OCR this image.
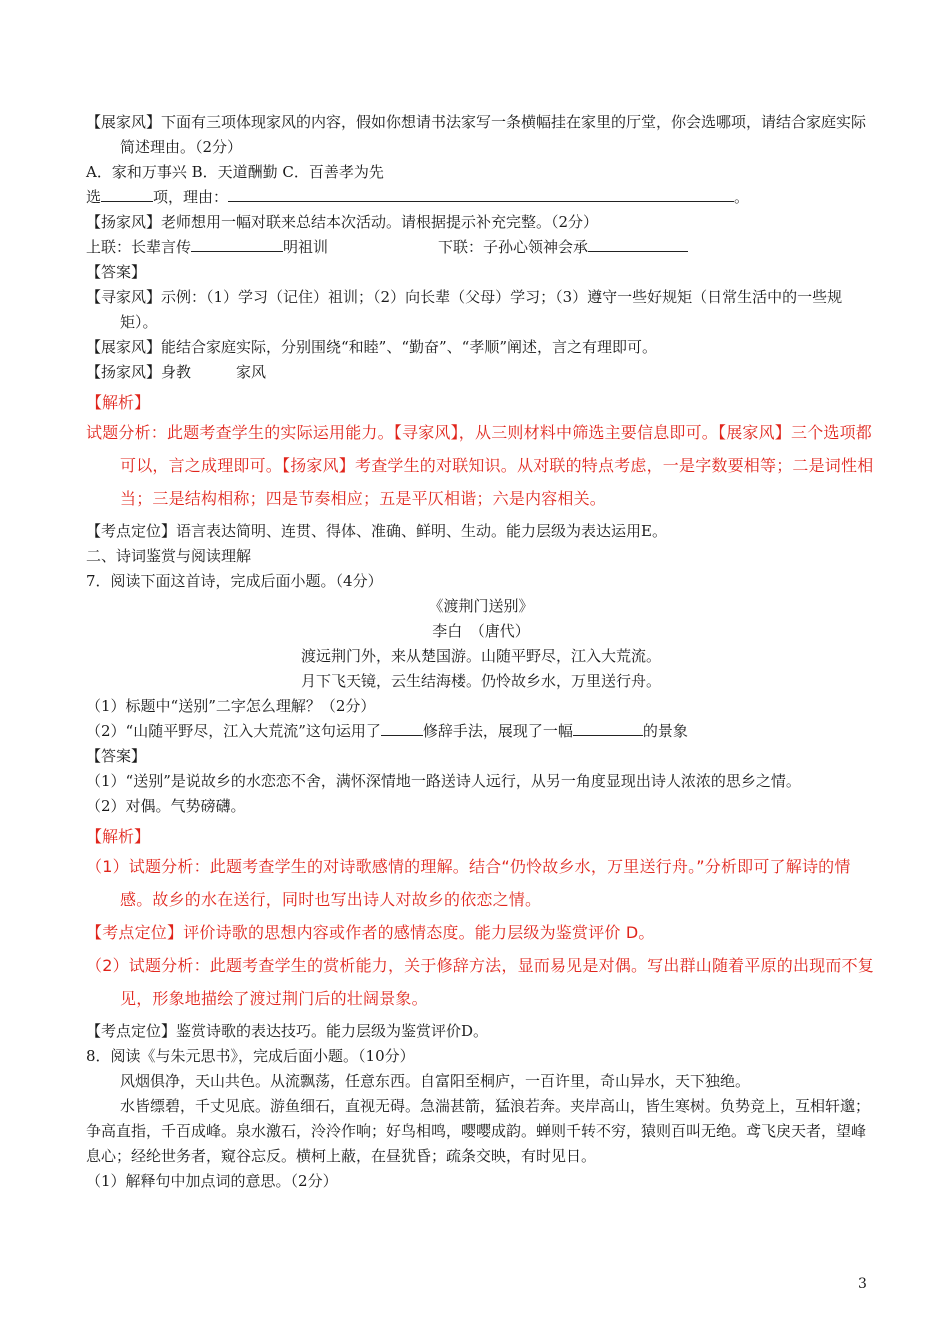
【展家风】下面有三项体现家风的内容，假如你想请书法家写一条横幅挂在家里的厅堂，你会选哪项，请结合家庭实际简述理由。（2分）
A．家和万事兴 B．天道酬勤 C．百善孝为先
选	项，理由：	。
【扬家风】老师想用一幅对联来总结本次活动。请根据提示补充完整。（2分）
上联：长辈言传	明祖训	下联：子孙心领神会承
【答案】
【寻家风】示例：（1）学习（记住）祖训；（2）向长辈（父母）学习；（3）遵守一些好规矩（日常生活中的一些规矩）。
【展家风】能结合家庭实际，分别围绕“和睦”、“勤奋”、“孝顺”阐述，言之有理即可。
【扬家风】身教　　　家风
【解析】
试题分析：此题考查学生的实际运用能力。【寻家风】，从三则材料中筛选主要信息即可。【展家风】三个选项都可以，言之成理即可。【扬家风】考查学生的对联知识。从对联的特点考虑，一是字数要相等；二是词性相当；三是结构相称；四是节奏相应；五是平仄相谐；六是内容相关。
【考点定位】语言表达简明、连贯、得体、准确、鲜明、生动。能力层级为表达运用E。
二、诗词鉴赏与阅读理解
7．阅读下面这首诗，完成后面小题。（4分）
《渡荆门送别》
李白　（唐代）
渡远荆门外，来从楚国游。山随平野尽，江入大荒流。
月下飞天镜，云生结海楼。仍怜故乡水，万里送行舟。
（1）标题中“送别”二字怎么理解？（2分）
（2）“山随平野尽，江入大荒流”这句运用了	修辞手法，展现了一幅	的景象
【答案】
（1）“送别”是说故乡的水恋恋不舍，满怀深情地一路送诗人远行，从另一角度显现出诗人浓浓的思乡之情。
（2）对偶。气势磅礴。
【解析】
（1）试题分析：此题考查学生的对诗歌感情的理解。结合“仍怜故乡水，万里送行舟。”分析即可了解诗的情感。故乡的水在送行，同时也写出诗人对故乡的依恋之情。
【考点定位】评价诗歌的思想内容或作者的感情态度。能力层级为鉴赏评价 D。
（2）试题分析：此题考查学生的赏析能力，关于修辞方法，显而易见是对偶。写出群山随着平原的出现而不复见，形象地描绘了渡过荆门后的壮阔景象。
【考点定位】鉴赏诗歌的表达技巧。能力层级为鉴赏评价D。
8．阅读《与朱元思书》，完成后面小题。（10分）
风烟俱净，天山共色。从流飘荡，任意东西。自富阳至桐庐，一百许里，奇山异水，天下独绝。
水皆缥碧，千丈见底。游鱼细石，直视无碍。急湍甚箭，猛浪若奔。夹岸高山，皆生寒树。负势竞上，互相轩邈；争高直指，千百成峰。泉水激石，泠泠作响；好鸟相鸣，嘤嘤成韵。蝉则千转不穷，猿则百叫无绝。鸢飞戾天者，望峰息心；经纶世务者，窥谷忘反。横柯上蔽，在昼犹昏；疏条交映，有时见日。
（1）解释句中加点词的意思。（2分）
3
